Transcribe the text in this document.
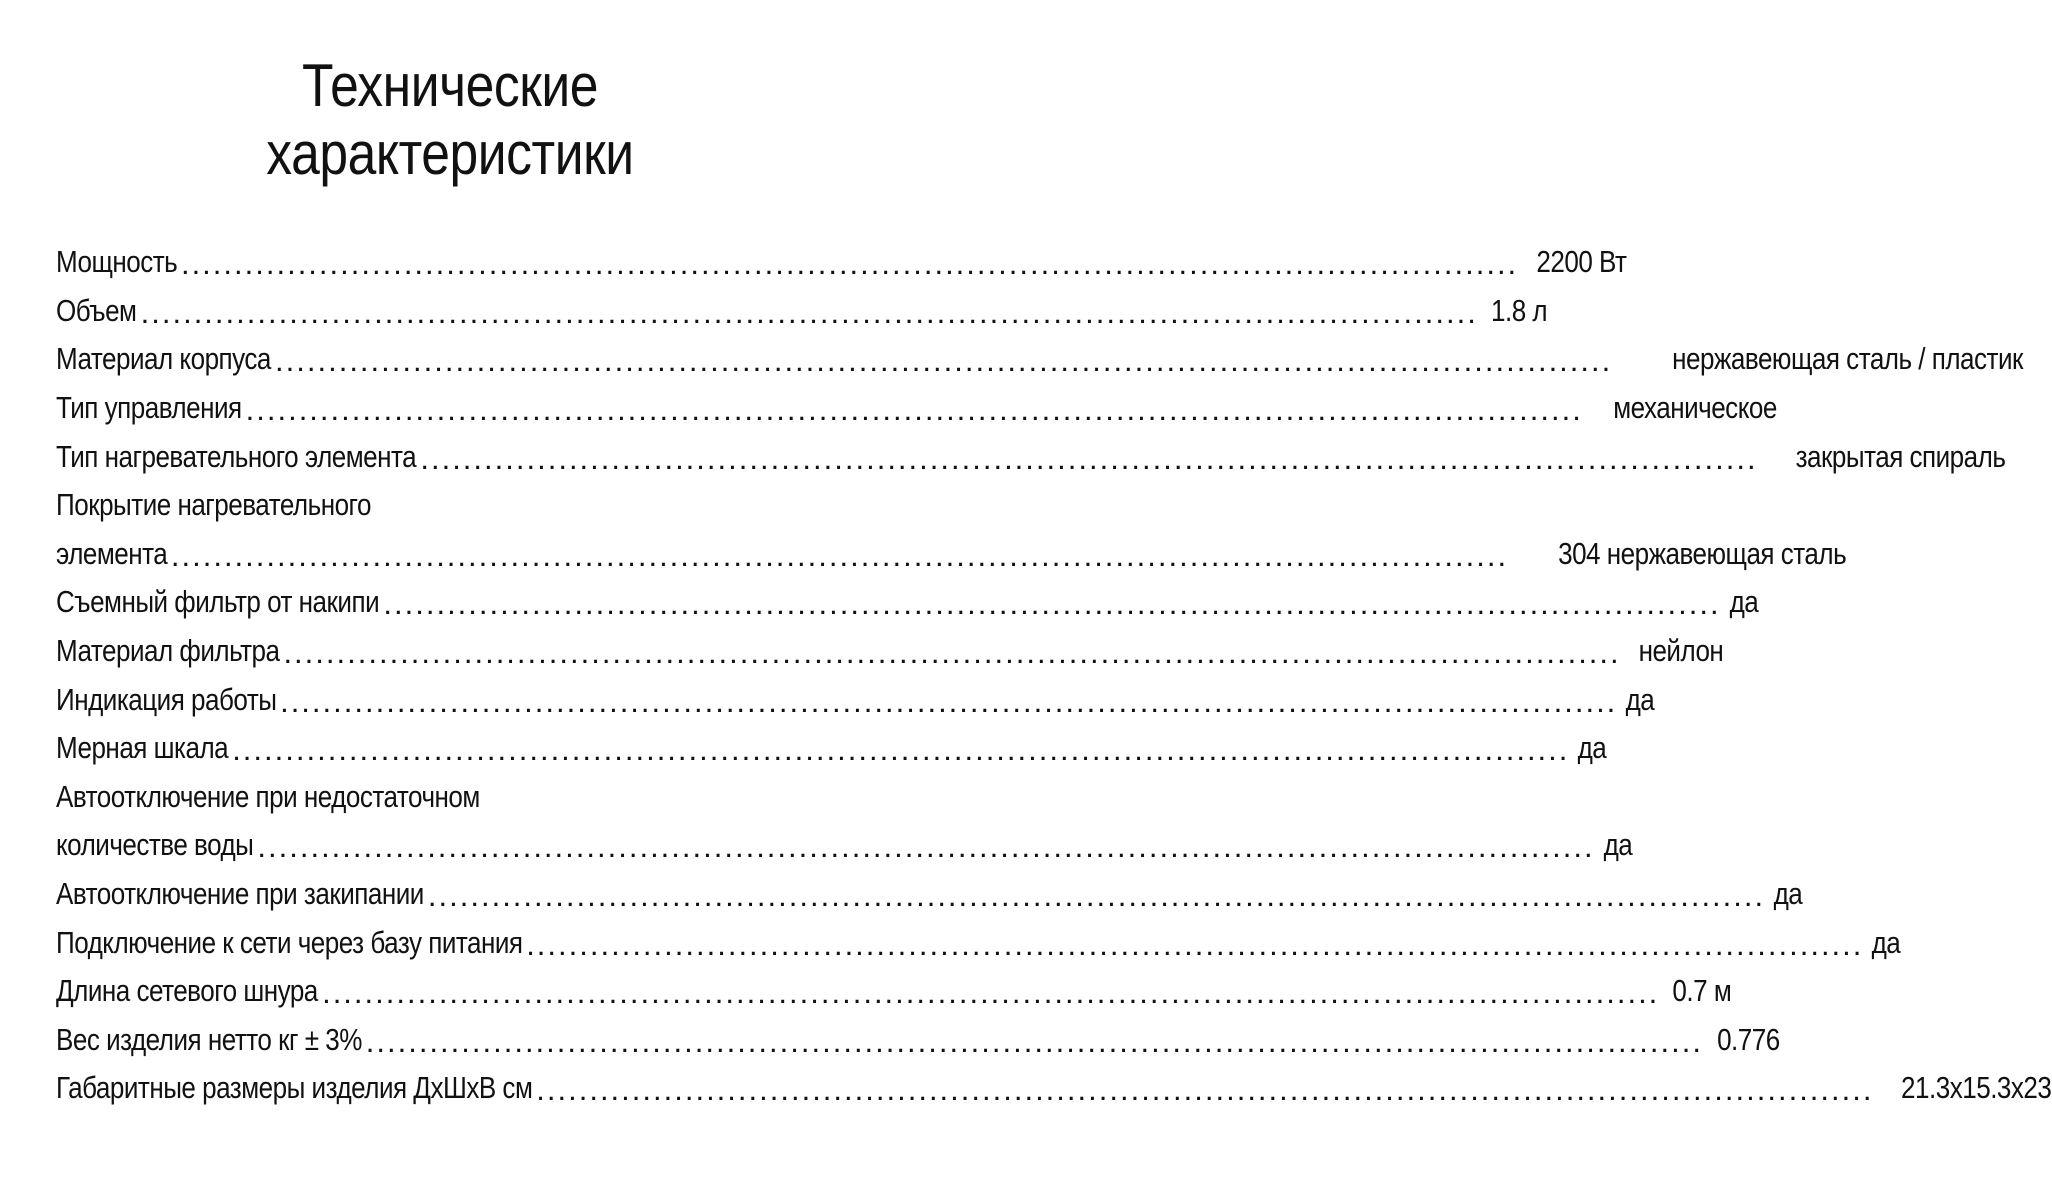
Технические
характеристики
Мощность .............................................................................................................................. 2200 Вт
Объем .............................................................................................................................. 1.8 л
Материал корпуса .............................................................................................................................. нержавеющая сталь / пластик
Тип управления .............................................................................................................................. механическое
Тип нагревательного элемента .............................................................................................................................. закрытая спираль
Покрытие нагревательного
элемента .............................................................................................................................. 304 нержавеющая сталь
Съемный фильтр от накипи .............................................................................................................................. да
Материал фильтра .............................................................................................................................. нейлон
Индикация работы .............................................................................................................................. да
Мерная шкала .............................................................................................................................. да
Автоотключение при недостаточном
количестве воды .............................................................................................................................. да
Автоотключение при закипании .............................................................................................................................. да
Подключение к сети через базу питания .............................................................................................................................. да
Длина сетевого шнура .............................................................................................................................. 0.7 м
Вес изделия нетто кг ± 3% .............................................................................................................................. 0.776
Габаритные размеры изделия ДхШхВ см .............................................................................................................................. 21.3x15.3x23
